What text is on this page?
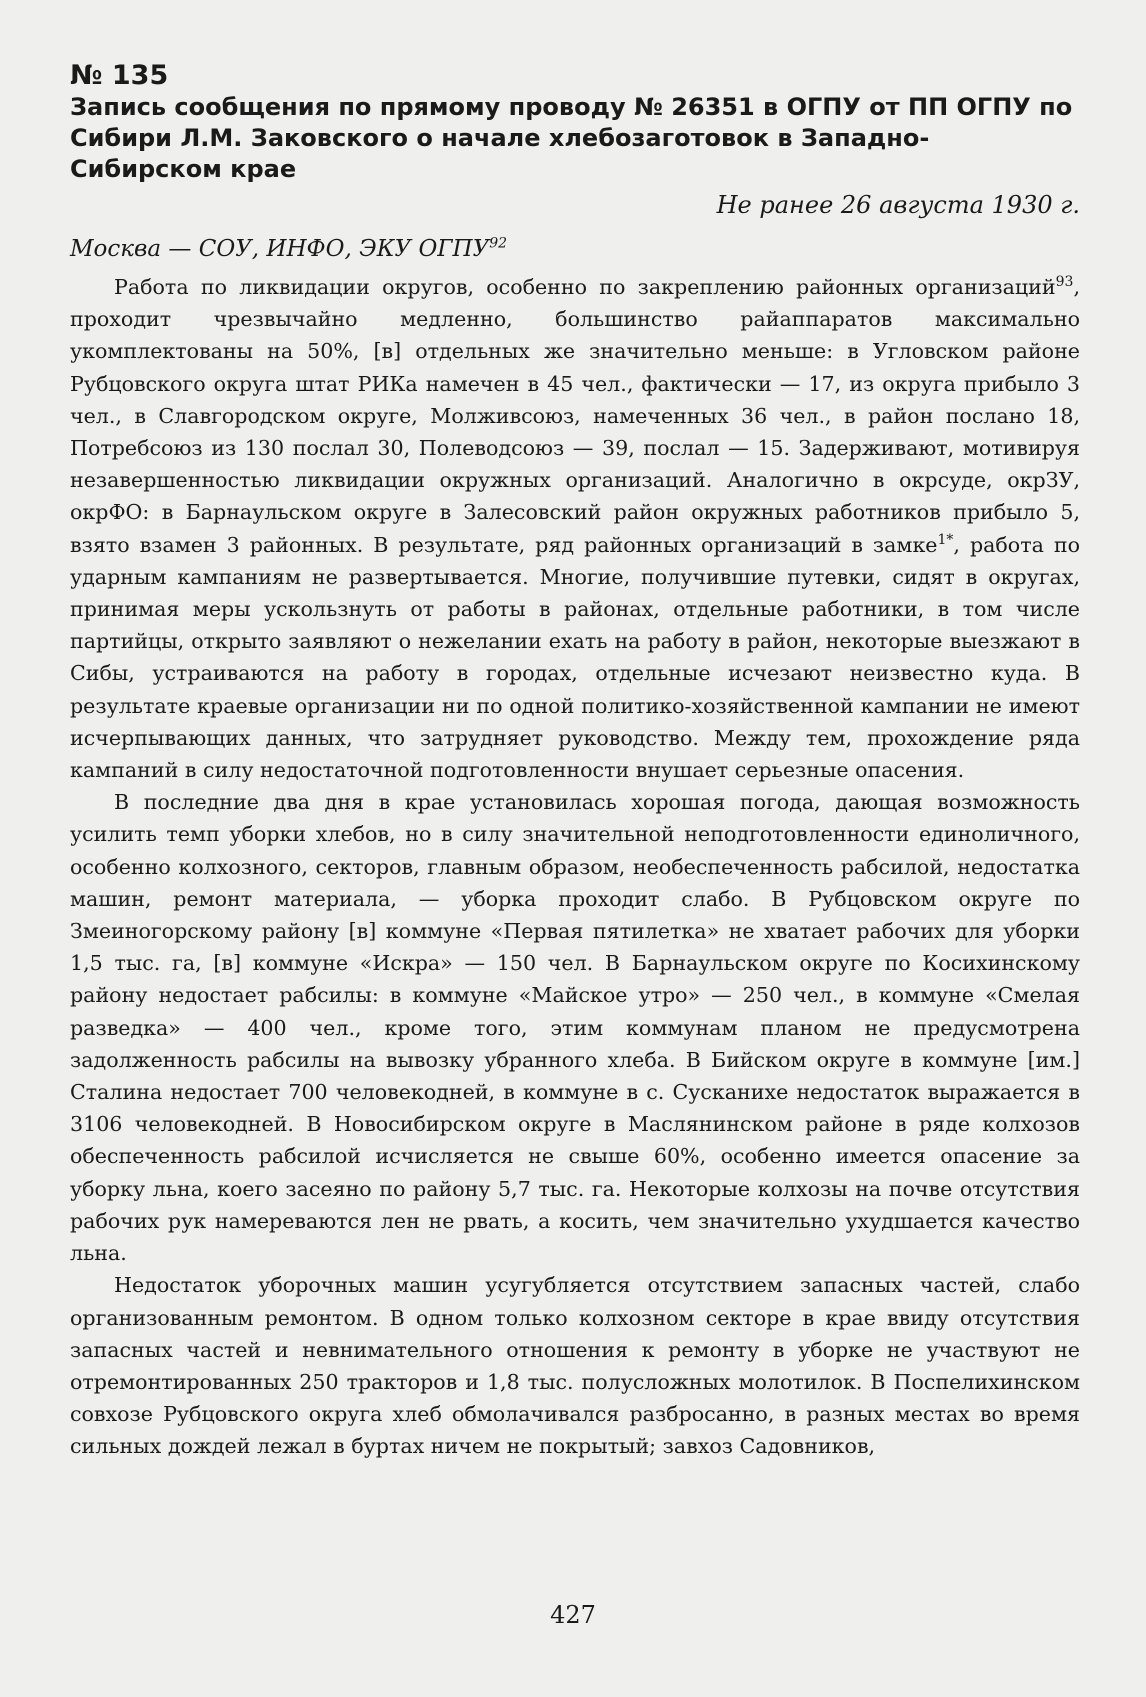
№ 135

Запись сообщения по прямому проводу № 26351 в ОГПУ от ПП ОГПУ по Сибири Л.М. Заковского о начале хлебозаготовок в Западно-Сибирском крае

Не ранее 26 августа 1930 г.

Москва — СОУ, ИНФО, ЭКУ ОГПУ$^{92}$

Работа по ликвидации округов, особенно по закреплению районных организаций$^{93}$, проходит чрезвычайно медленно, большинство райаппаратов максимально укомплектованы на 50%, [в] отдельных же значительно меньше: в Угловском районе Рубцовского округа штат РИКа намечен в 45 чел., фактически — 17, из округа прибыло 3 чел., в Славгородском округе, Молживсоюз, намеченных 36 чел., в район послано 18, Потребсоюз из 130 послал 30, Полеводсоюз — 39, послал — 15. Задерживают, мотивируя незавершенностью ликвидации окружных организаций. Аналогично в окрсуде, окрЗУ, окрФО: в Барнаульском округе в Залесовский район окружных работников прибыло 5, взято взамен 3 районных. В результате, ряд районных организаций в замке$^{1*}$, работа по ударным кампаниям не развертывается. Многие, получившие путевки, сидят в округах, принимая меры ускользнуть от работы в районах, отдельные работники, в том числе партийцы, открыто заявляют о нежелании ехать на работу в район, некоторые выезжают в Сибы, устраиваются на работу в городах, отдельные исчезают неизвестно куда. В результате краевые организации ни по одной политико-хозяйственной кампании не имеют исчерпывающих данных, что затрудняет руководство. Между тем, прохождение ряда кампаний в силу недостаточной подготовленности внушает серьезные опасения.

В последние два дня в крае установилась хорошая погода, дающая возможность усилить темп уборки хлебов, но в силу значительной неподготовленности единоличного, особенно колхозного, секторов, главным образом, необеспеченность рабсилой, недостатка машин, ремонт материала, — уборка проходит слабо. В Рубцовском округе по Змеиногорскому району [в] коммуне «Первая пятилетка» не хватает рабочих для уборки 1,5 тыс. га, [в] коммуне «Искра» — 150 чел. В Барнаульском округе по Косихинскому району недостает рабсилы: в коммуне «Майское утро» — 250 чел., в коммуне «Смелая разведка» — 400 чел., кроме того, этим коммунам планом не предусмотрена задолженность рабсилы на вывозку убранного хлеба. В Бийском округе в коммуне [им.] Сталина недостает 700 человекодней, в коммуне в с. Сусканихе недостаток выражается в 3106 человекодней. В Новосибирском округе в Маслянинском районе в ряде колхозов обеспеченность рабсилой исчисляется не свыше 60%, особенно имеется опасение за уборку льна, коего засеяно по району 5,7 тыс. га. Некоторые колхозы на почве отсутствия рабочих рук намереваются лен не рвать, а косить, чем значительно ухудшается качество льна.

Недостаток уборочных машин усугубляется отсутствием запасных частей, слабо организованным ремонтом. В одном только колхозном секторе в крае ввиду отсутствия запасных частей и невнимательного отношения к ремонту в уборке не участвуют не отремонтированных 250 тракторов и 1,8 тыс. полусложных молотилок. В Поспелихинском совхозе Рубцовского округа хлеб обмолачивался разбросанно, в разных местах во время сильных дождей лежал в буртах ничем не покрытый; завхоз Садовников,

427
